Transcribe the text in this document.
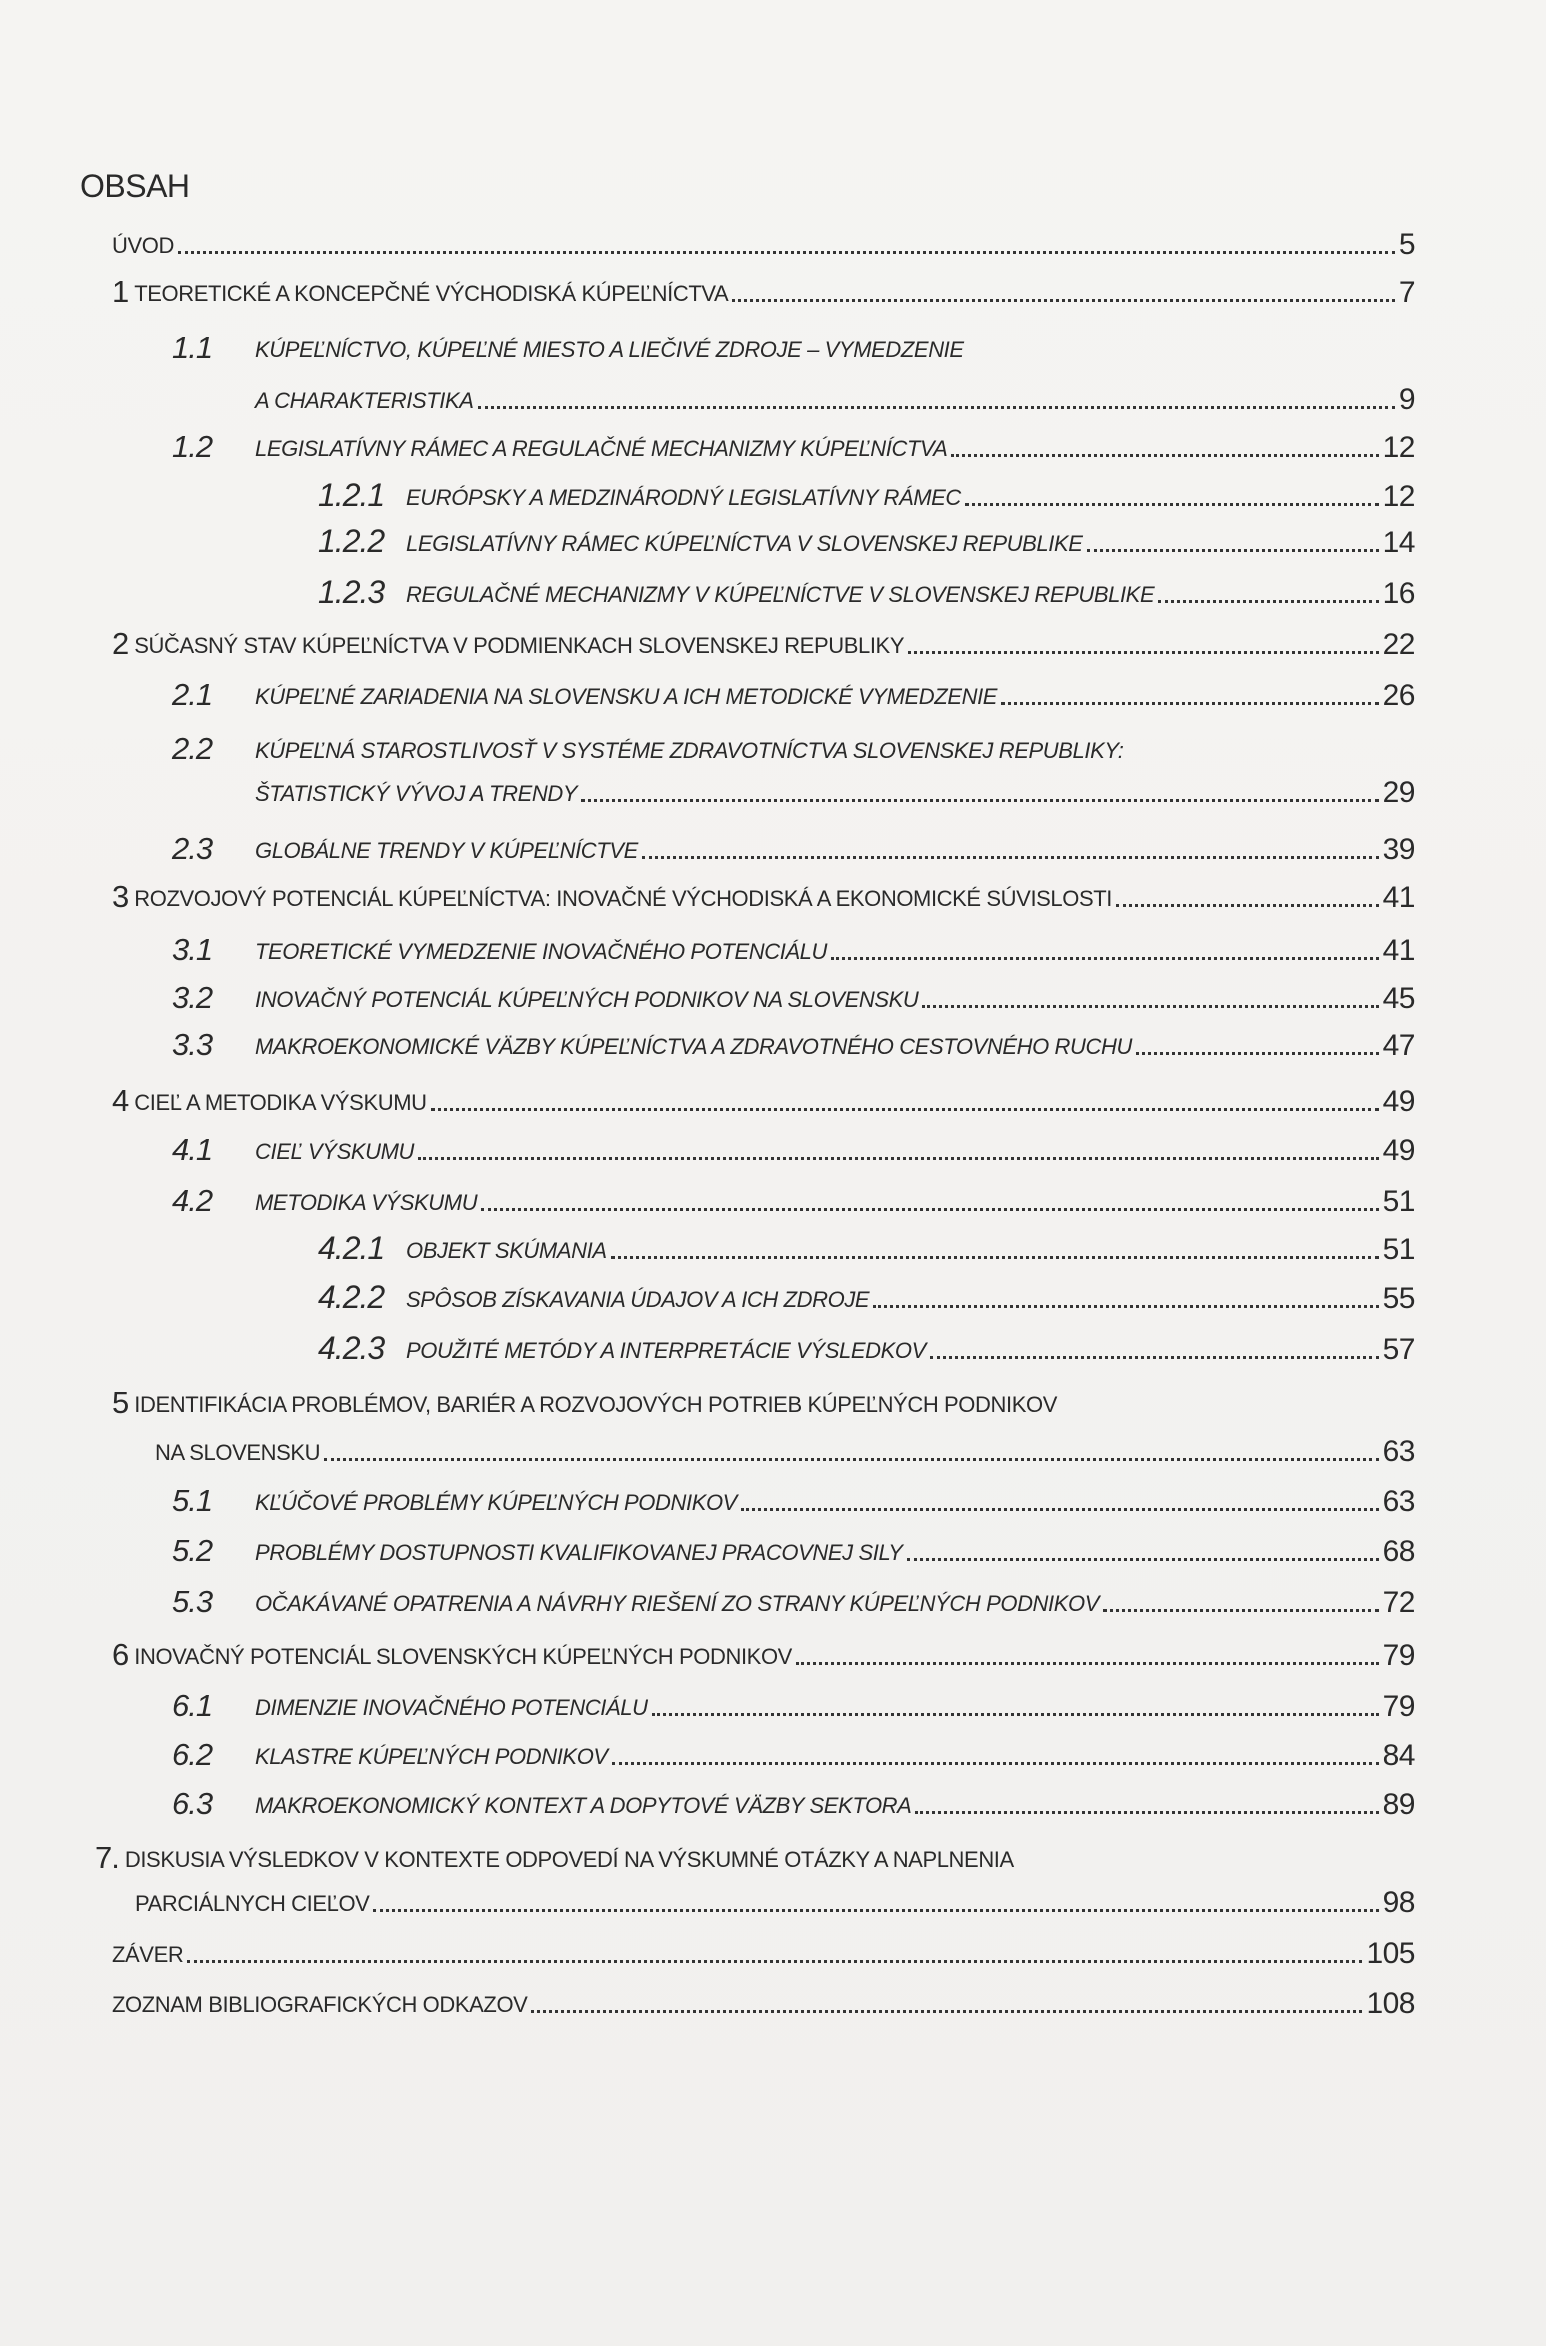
OBSAH
ÚVOD	5
1 TEORETICKÉ A KONCEPČNÉ VÝCHODISKÁ KÚPEĽNÍCTVA	7
1.1	KÚPEĽNÍCTVO, KÚPEĽNÉ MIESTO A LIEČIVÉ ZDROJE – VYMEDZENIE
A CHARAKTERISTIKA	9
1.2	LEGISLATÍVNY RÁMEC A REGULAČNÉ MECHANIZMY KÚPEĽNÍCTVA	12
1.2.1 EURÓPSKY A MEDZINÁRODNÝ LEGISLATÍVNY RÁMEC	12
1.2.2 LEGISLATÍVNY RÁMEC KÚPEĽNÍCTVA V SLOVENSKEJ REPUBLIKE	14
1.2.3 REGULAČNÉ MECHANIZMY V KÚPEĽNÍCTVE V SLOVENSKEJ REPUBLIKE	16
2 SÚČASNÝ STAV KÚPEĽNÍCTVA V PODMIENKACH SLOVENSKEJ REPUBLIKY	22
2.1	KÚPEĽNÉ ZARIADENIA NA SLOVENSKU A ICH METODICKÉ VYMEDZENIE	26
2.2	KÚPEĽNÁ STAROSTLIVOSŤ V SYSTÉME ZDRAVOTNÍCTVA SLOVENSKEJ REPUBLIKY:
ŠTATISTICKÝ VÝVOJ A TRENDY	29
2.3	GLOBÁLNE TRENDY V KÚPEĽNÍCTVE	39
3 ROZVOJOVÝ POTENCIÁL KÚPEĽNÍCTVA: INOVAČNÉ VÝCHODISKÁ A EKONOMICKÉ SÚVISLOSTI	41
3.1	TEORETICKÉ VYMEDZENIE INOVAČNÉHO POTENCIÁLU	41
3.2	INOVAČNÝ POTENCIÁL KÚPEĽNÝCH PODNIKOV NA SLOVENSKU	45
3.3	MAKROEKONOMICKÉ VÄZBY KÚPEĽNÍCTVA A ZDRAVOTNÉHO CESTOVNÉHO RUCHU	47
4 CIEĽ A METODIKA VÝSKUMU	49
4.1	CIEĽ VÝSKUMU	49
4.2	METODIKA VÝSKUMU	51
4.2.1 OBJEKT SKÚMANIA	51
4.2.2 SPÔSOB ZÍSKAVANIA ÚDAJOV A ICH ZDROJE	55
4.2.3 POUŽITÉ METÓDY A INTERPRETÁCIE VÝSLEDKOV	57
5 IDENTIFIKÁCIA PROBLÉMOV, BARIÉR A ROZVOJOVÝCH POTRIEB KÚPEĽNÝCH PODNIKOV
NA SLOVENSKU	63
5.1	KĽÚČOVÉ PROBLÉMY KÚPEĽNÝCH PODNIKOV	63
5.2	PROBLÉMY DOSTUPNOSTI KVALIFIKOVANEJ PRACOVNEJ SILY	68
5.3	OČAKÁVANÉ OPATRENIA A NÁVRHY RIEŠENÍ ZO STRANY KÚPEĽNÝCH PODNIKOV	72
6 INOVAČNÝ POTENCIÁL SLOVENSKÝCH KÚPEĽNÝCH PODNIKOV	79
6.1	DIMENZIE INOVAČNÉHO POTENCIÁLU	79
6.2	KLASTRE KÚPEĽNÝCH PODNIKOV	84
6.3	MAKROEKONOMICKÝ KONTEXT A DOPYTOVÉ VÄZBY SEKTORA	89
7. DISKUSIA VÝSLEDKOV V KONTEXTE ODPOVEDÍ NA VÝSKUMNÉ OTÁZKY A NAPLNENIA
PARCIÁLNYCH CIEĽOV	98
ZÁVER	105
ZOZNAM BIBLIOGRAFICKÝCH ODKAZOV	108
